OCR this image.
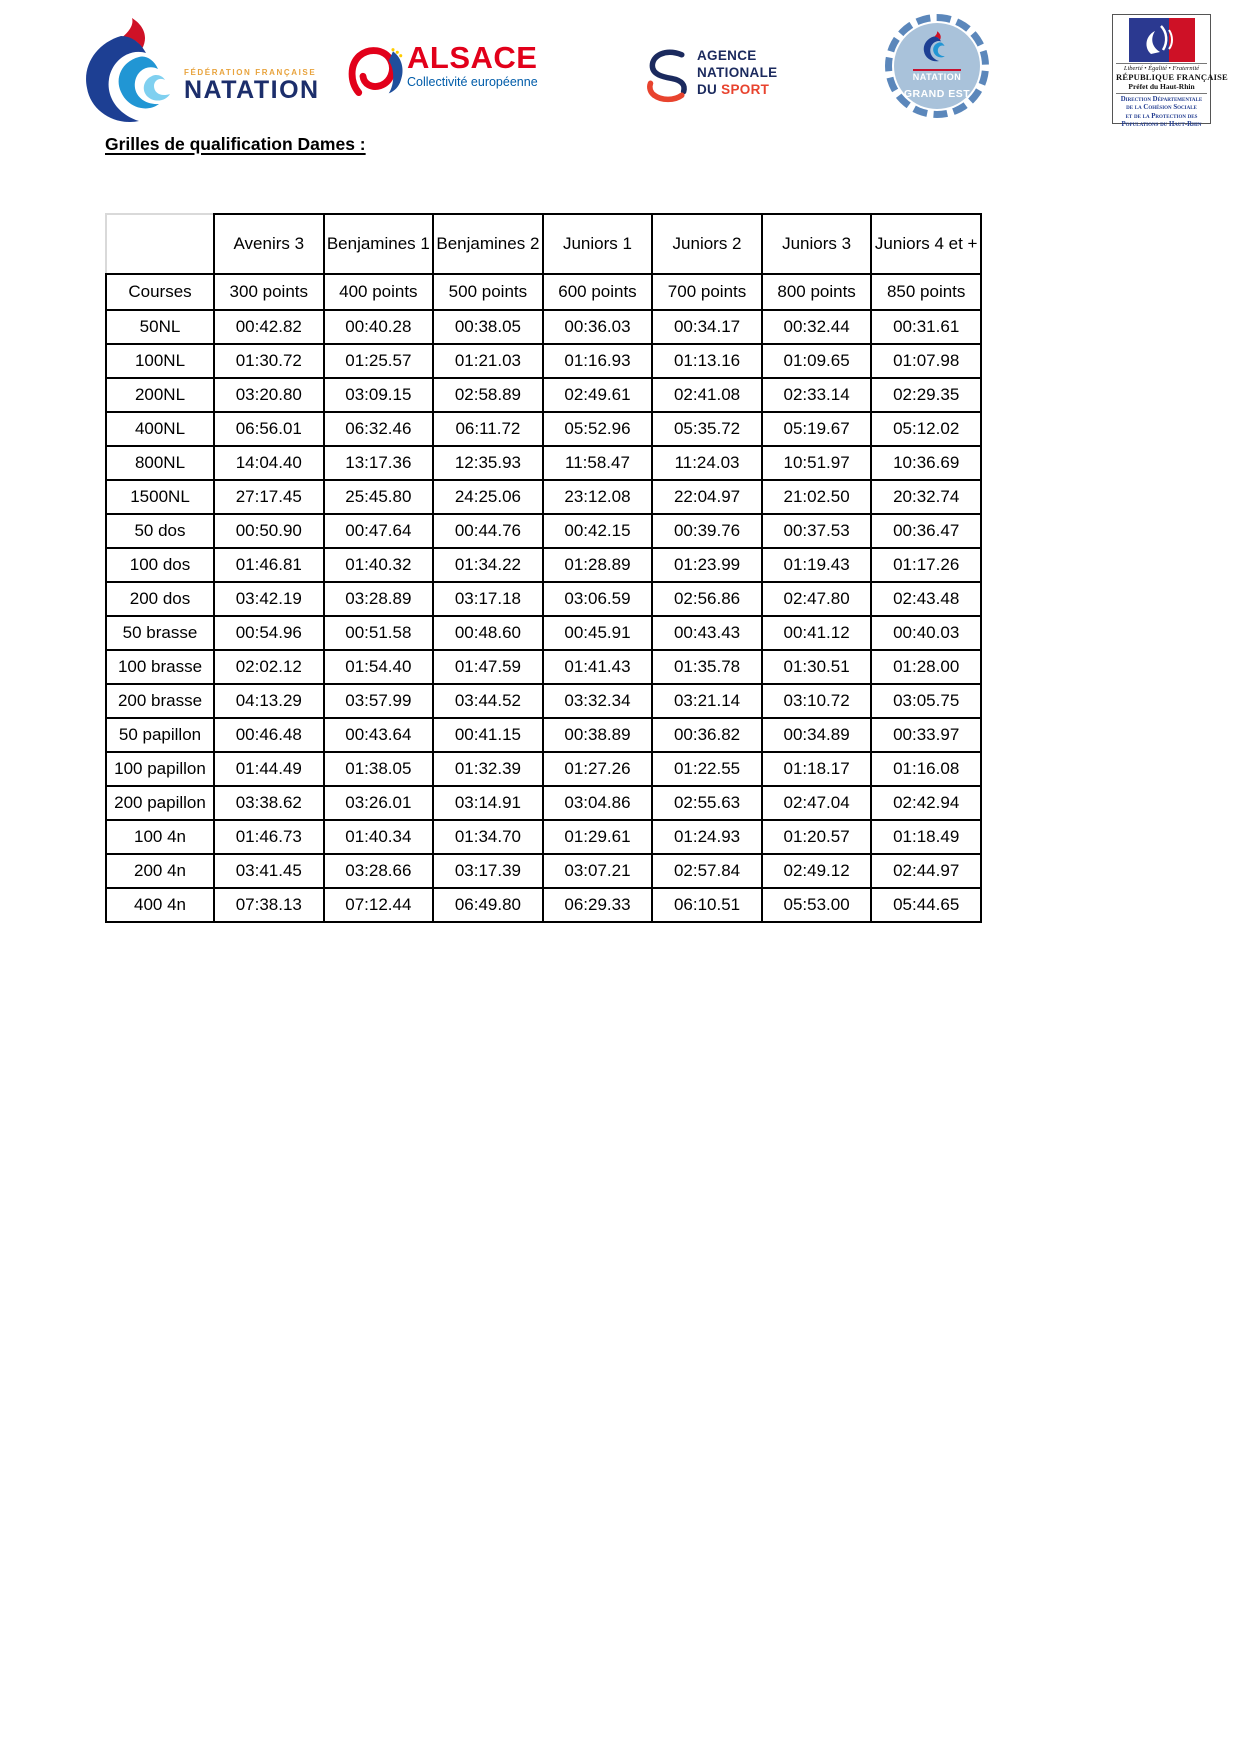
FÉDÉRATION FRANÇAISE
NATATION
ALSACE
Collectivité européenne
AGENCE
NATIONALE
DU SPORT
NATATION
GRAND EST
Liberté • Égalité • Fraternité
RÉPUBLIQUE FRANÇAISE
Préfet du Haut-Rhin
Direction Départementale
de la Cohésion Sociale
et de la Protection des
Populations du Haut-Rhin
Grilles de qualification Dames :
	Avenirs 3	Benjamines 1	Benjamines 2	Juniors 1	Juniors 2	Juniors 3	Juniors 4 et +
Courses	300 points	400 points	500 points	600 points	700 points	800 points	850 points
50NL	00:42.82	00:40.28	00:38.05	00:36.03	00:34.17	00:32.44	00:31.61
100NL	01:30.72	01:25.57	01:21.03	01:16.93	01:13.16	01:09.65	01:07.98
200NL	03:20.80	03:09.15	02:58.89	02:49.61	02:41.08	02:33.14	02:29.35
400NL	06:56.01	06:32.46	06:11.72	05:52.96	05:35.72	05:19.67	05:12.02
800NL	14:04.40	13:17.36	12:35.93	11:58.47	11:24.03	10:51.97	10:36.69
1500NL	27:17.45	25:45.80	24:25.06	23:12.08	22:04.97	21:02.50	20:32.74
50 dos	00:50.90	00:47.64	00:44.76	00:42.15	00:39.76	00:37.53	00:36.47
100 dos	01:46.81	01:40.32	01:34.22	01:28.89	01:23.99	01:19.43	01:17.26
200 dos	03:42.19	03:28.89	03:17.18	03:06.59	02:56.86	02:47.80	02:43.48
50 brasse	00:54.96	00:51.58	00:48.60	00:45.91	00:43.43	00:41.12	00:40.03
100 brasse	02:02.12	01:54.40	01:47.59	01:41.43	01:35.78	01:30.51	01:28.00
200 brasse	04:13.29	03:57.99	03:44.52	03:32.34	03:21.14	03:10.72	03:05.75
50 papillon	00:46.48	00:43.64	00:41.15	00:38.89	00:36.82	00:34.89	00:33.97
100 papillon	01:44.49	01:38.05	01:32.39	01:27.26	01:22.55	01:18.17	01:16.08
200 papillon	03:38.62	03:26.01	03:14.91	03:04.86	02:55.63	02:47.04	02:42.94
100 4n	01:46.73	01:40.34	01:34.70	01:29.61	01:24.93	01:20.57	01:18.49
200 4n	03:41.45	03:28.66	03:17.39	03:07.21	02:57.84	02:49.12	02:44.97
400 4n	07:38.13	07:12.44	06:49.80	06:29.33	06:10.51	05:53.00	05:44.65
